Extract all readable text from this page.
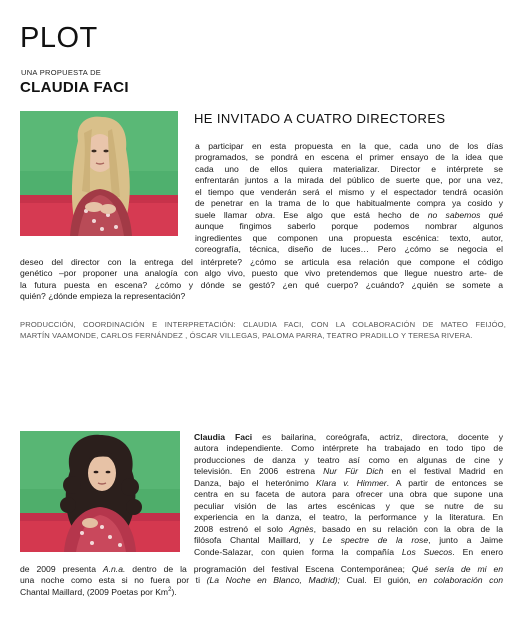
PLOT
UNA PROPUESTA DE
CLAUDIA FACI
HE INVITADO A CUATRO DIRECTORES
a participar en esta propuesta en la que, cada uno de los días
programados, se pondrá en escena el primer ensayo de la idea que
cada uno de ellos quiera materializar. Director e intérprete se
enfrentarán juntos a la mirada del público de suerte que, por una vez,
el tiempo que venderán será el mismo y el espectador tendrá ocasión
de penetrar en la trama de lo que habitualmente compra ya cosido y
suele llamar obra. Ese algo que está hecho de no sabemos qué
aunque fingimos saberlo porque podemos nombrar algunos
ingredientes que componen una propuesta escénica: texto, autor,
coreografía, técnica, diseño de luces… Pero ¿cómo se negocia el
deseo del director con la entrega del intérprete? ¿cómo se articula esa relación que compone el código
genético –por proponer una analogía con algo vivo, puesto que vivo pretendemos que llegue nuestro arte- de
la futura puesta en escena? ¿cómo y dónde se gestó? ¿en qué cuerpo? ¿cuándo? ¿quién se somete a
quién? ¿dónde empieza la representación?
PRODUCCIÓN, COORDINACIÓN E INTERPRETACIÓN: CLAUDIA FACI, CON LA COLABORACIÓN DE MATEO FEIJÓO,
MARTÍN VAAMONDE, CARLOS FERNÁNDEZ , ÓSCAR VILLEGAS, PALOMA PARRA, TEATRO PRADILLO Y TERESA RIVERA.
Claudia Faci es bailarina, coreógrafa, actriz, directora, docente y
autora independiente. Como intérprete ha trabajado en todo tipo de
producciones de danza y teatro así como en algunas de cine y
televisión. En 2006 estrena Nur Für Dich en el festival Madrid en
Danza, bajo el heterónimo Klara v. Himmer. A partir de entonces se
centra en su faceta de autora para ofrecer una obra que supone una
peculiar visión de las artes escénicas y que se nutre de su
experiencia en la danza, el teatro, la performance y la literatura. En
2008 estrenó el solo Agnès, basado en su relación con la obra de la
filósofa Chantal Maillard, y Le spectre de la rose, junto a Jaime
Conde-Salazar, con quien forma la compañía Los Suecos. En enero
de 2009 presenta A.n.a. dentro de la programación del festival Escena Contemporánea; Qué sería de mi en
una noche como esta si no fuera por ti (La Noche en Blanco, Madrid); Cual. El guión, en colaboración con
Chantal Maillard, (2009 Poetas por Km$^2$).
